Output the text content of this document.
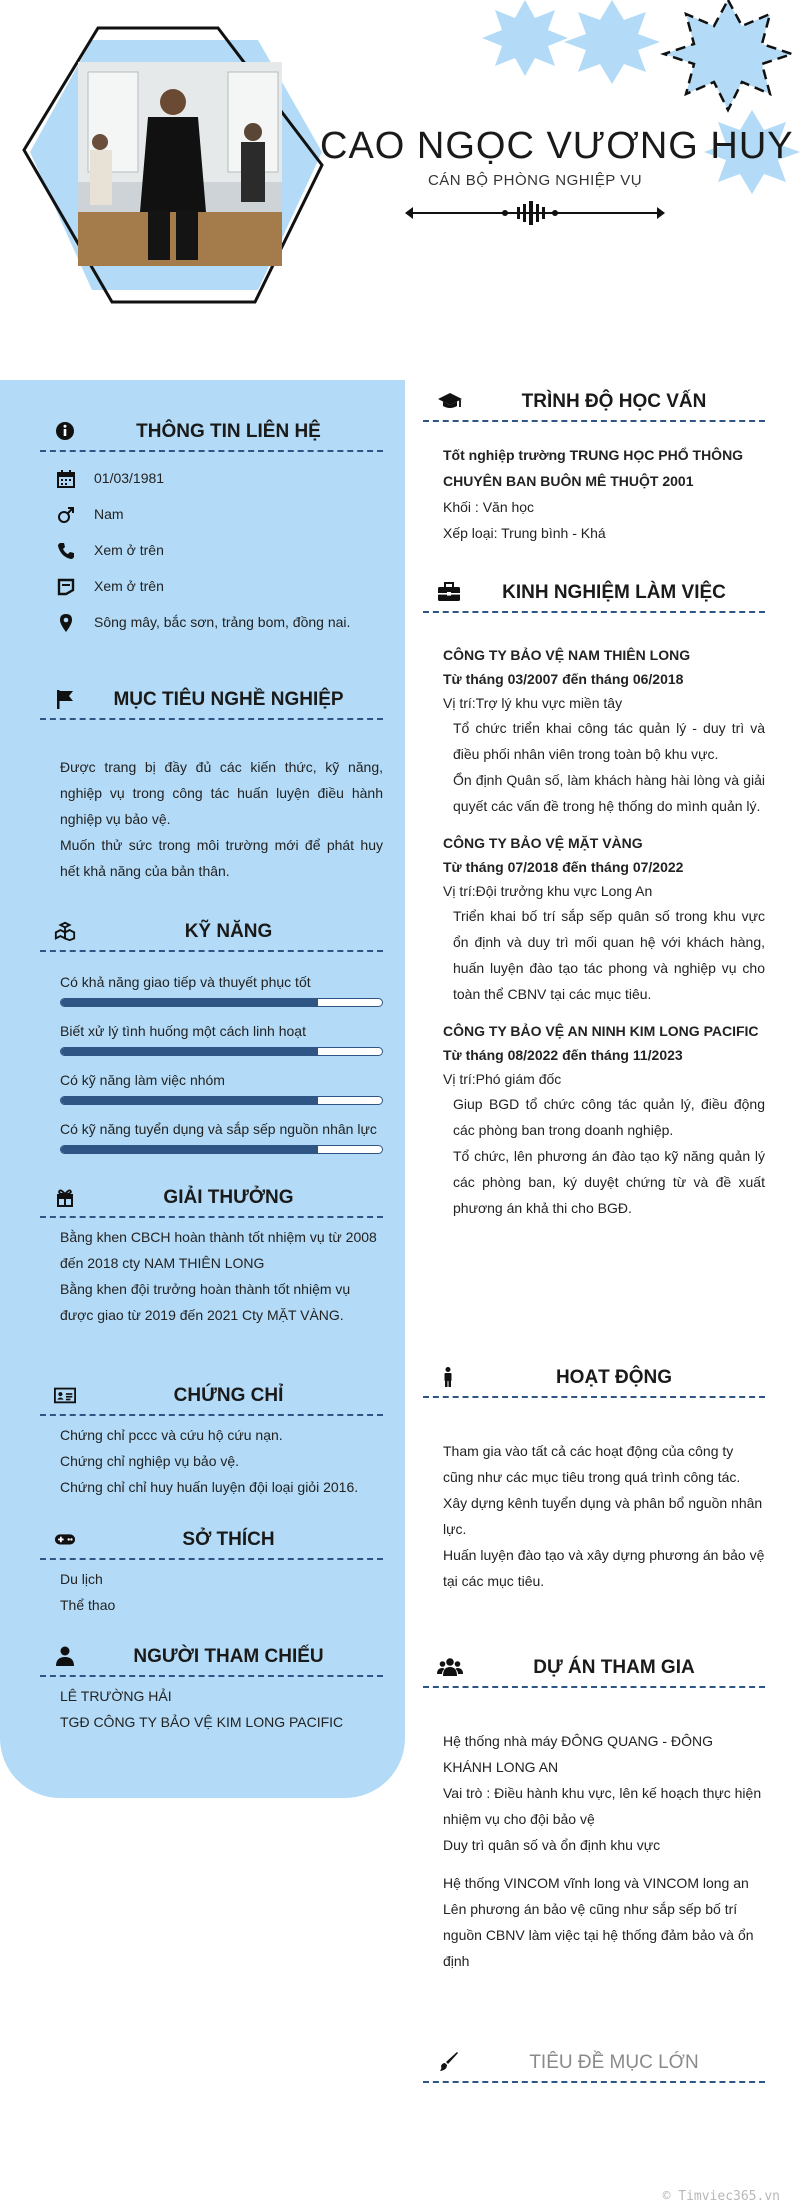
CAO NGỌC VƯƠNG HUY
CÁN BỘ PHÒNG NGHIỆP VỤ
THÔNG TIN LIÊN HỆ
01/03/1981
Nam
Xem ở trên
Xem ở trên
Sông mây, bắc sơn, trảng bom, đồng nai.
MỤC TIÊU NGHỀ NGHIỆP
Được trang bị đầy đủ các kiến thức, kỹ năng, nghiệp vụ trong công tác huấn luyện điều hành nghiệp vụ bảo vệ.
Muốn thử sức trong môi trường mới để phát huy hết khả năng của bản thân.
KỸ NĂNG
Có khả năng giao tiếp và thuyết phục tốt
Biết xử lý tình huống một cách linh hoạt
Có kỹ năng làm việc nhóm
Có kỹ năng tuyển dụng và sắp sếp nguồn nhân lực
GIẢI THƯỞNG
Bằng khen CBCH hoàn thành tốt nhiệm vụ từ 2008 đến 2018 cty NAM THIÊN LONG
Bằng khen đội trưởng hoàn thành tốt nhiệm vụ được giao từ 2019 đến 2021 Cty MẶT VÀNG.
CHỨNG CHỈ
Chứng chỉ pccc và cứu hộ cứu nạn.
Chứng chỉ nghiệp vụ bảo vệ.
Chứng chỉ chỉ huy huấn luyện đội loại giỏi 2016.
SỞ THÍCH
Du lịch
Thể thao
NGƯỜI THAM CHIẾU
LÊ TRƯỜNG HẢI
TGĐ CÔNG TY BẢO VỆ KIM LONG PACIFIC
TRÌNH ĐỘ HỌC VẤN
Tốt nghiệp trường TRUNG HỌC PHỔ THÔNG CHUYÊN BAN BUÔN MÊ THUỘT 2001
Khối : Văn học
Xếp loại: Trung bình - Khá
KINH NGHIỆM LÀM VIỆC
CÔNG TY BẢO VỆ NAM THIÊN LONG
Từ tháng 03/2007 đến tháng 06/2018
Vị trí:Trợ lý khu vực miền tây
Tổ chức triển khai công tác quản lý - duy trì và điều phối nhân viên trong toàn bộ khu vực.
Ổn định Quân số, làm khách hàng hài lòng và giải quyết các vấn đề trong hệ thống do mình quản lý.
CÔNG TY BẢO VỆ MẶT VÀNG
Từ tháng 07/2018 đến tháng 07/2022
Vị trí:Đội trưởng khu vực Long An
Triển khai bố trí sắp sếp quân số trong khu vực ổn định và duy trì mối quan hệ với khách hàng, huấn luyện đào tạo tác phong và nghiệp vụ cho toàn thể CBNV tại các mục tiêu.
CÔNG TY BẢO VỆ AN NINH KIM LONG PACIFIC
Từ tháng 08/2022 đến tháng 11/2023
Vị trí:Phó giám đốc
Giup BGD tổ chức công tác quản lý, điều động các phòng ban trong doanh nghiệp.
Tổ chức, lên phương án đào tạo kỹ năng quản lý các phòng ban, ký duyệt chứng từ và đề xuất phương án khả thi cho BGĐ.
HOẠT ĐỘNG
Tham gia vào tất cả các hoạt động của công ty cũng như các mục tiêu trong quá trình công tác.
Xây dựng kênh tuyển dụng và phân bổ nguồn nhân lực.
Huấn luyện đào tạo và xây dựng phương án bảo vệ tại các mục tiêu.
DỰ ÁN THAM GIA
Hệ thống nhà máy ĐÔNG QUANG - ĐÔNG KHÁNH LONG AN
Vai trò : Điều hành khu vực, lên kế hoạch thực hiện nhiệm vụ cho đội bảo vệ
Duy trì quân số và ổn định khu vực
Hệ thống VINCOM vĩnh long và VINCOM long an
Lên phương án bảo vệ cũng như sắp sếp bố trí nguồn CBNV làm việc tại hệ thống đảm bảo và ổn định
TIÊU ĐỀ MỤC LỚN
© Timviec365.vn
